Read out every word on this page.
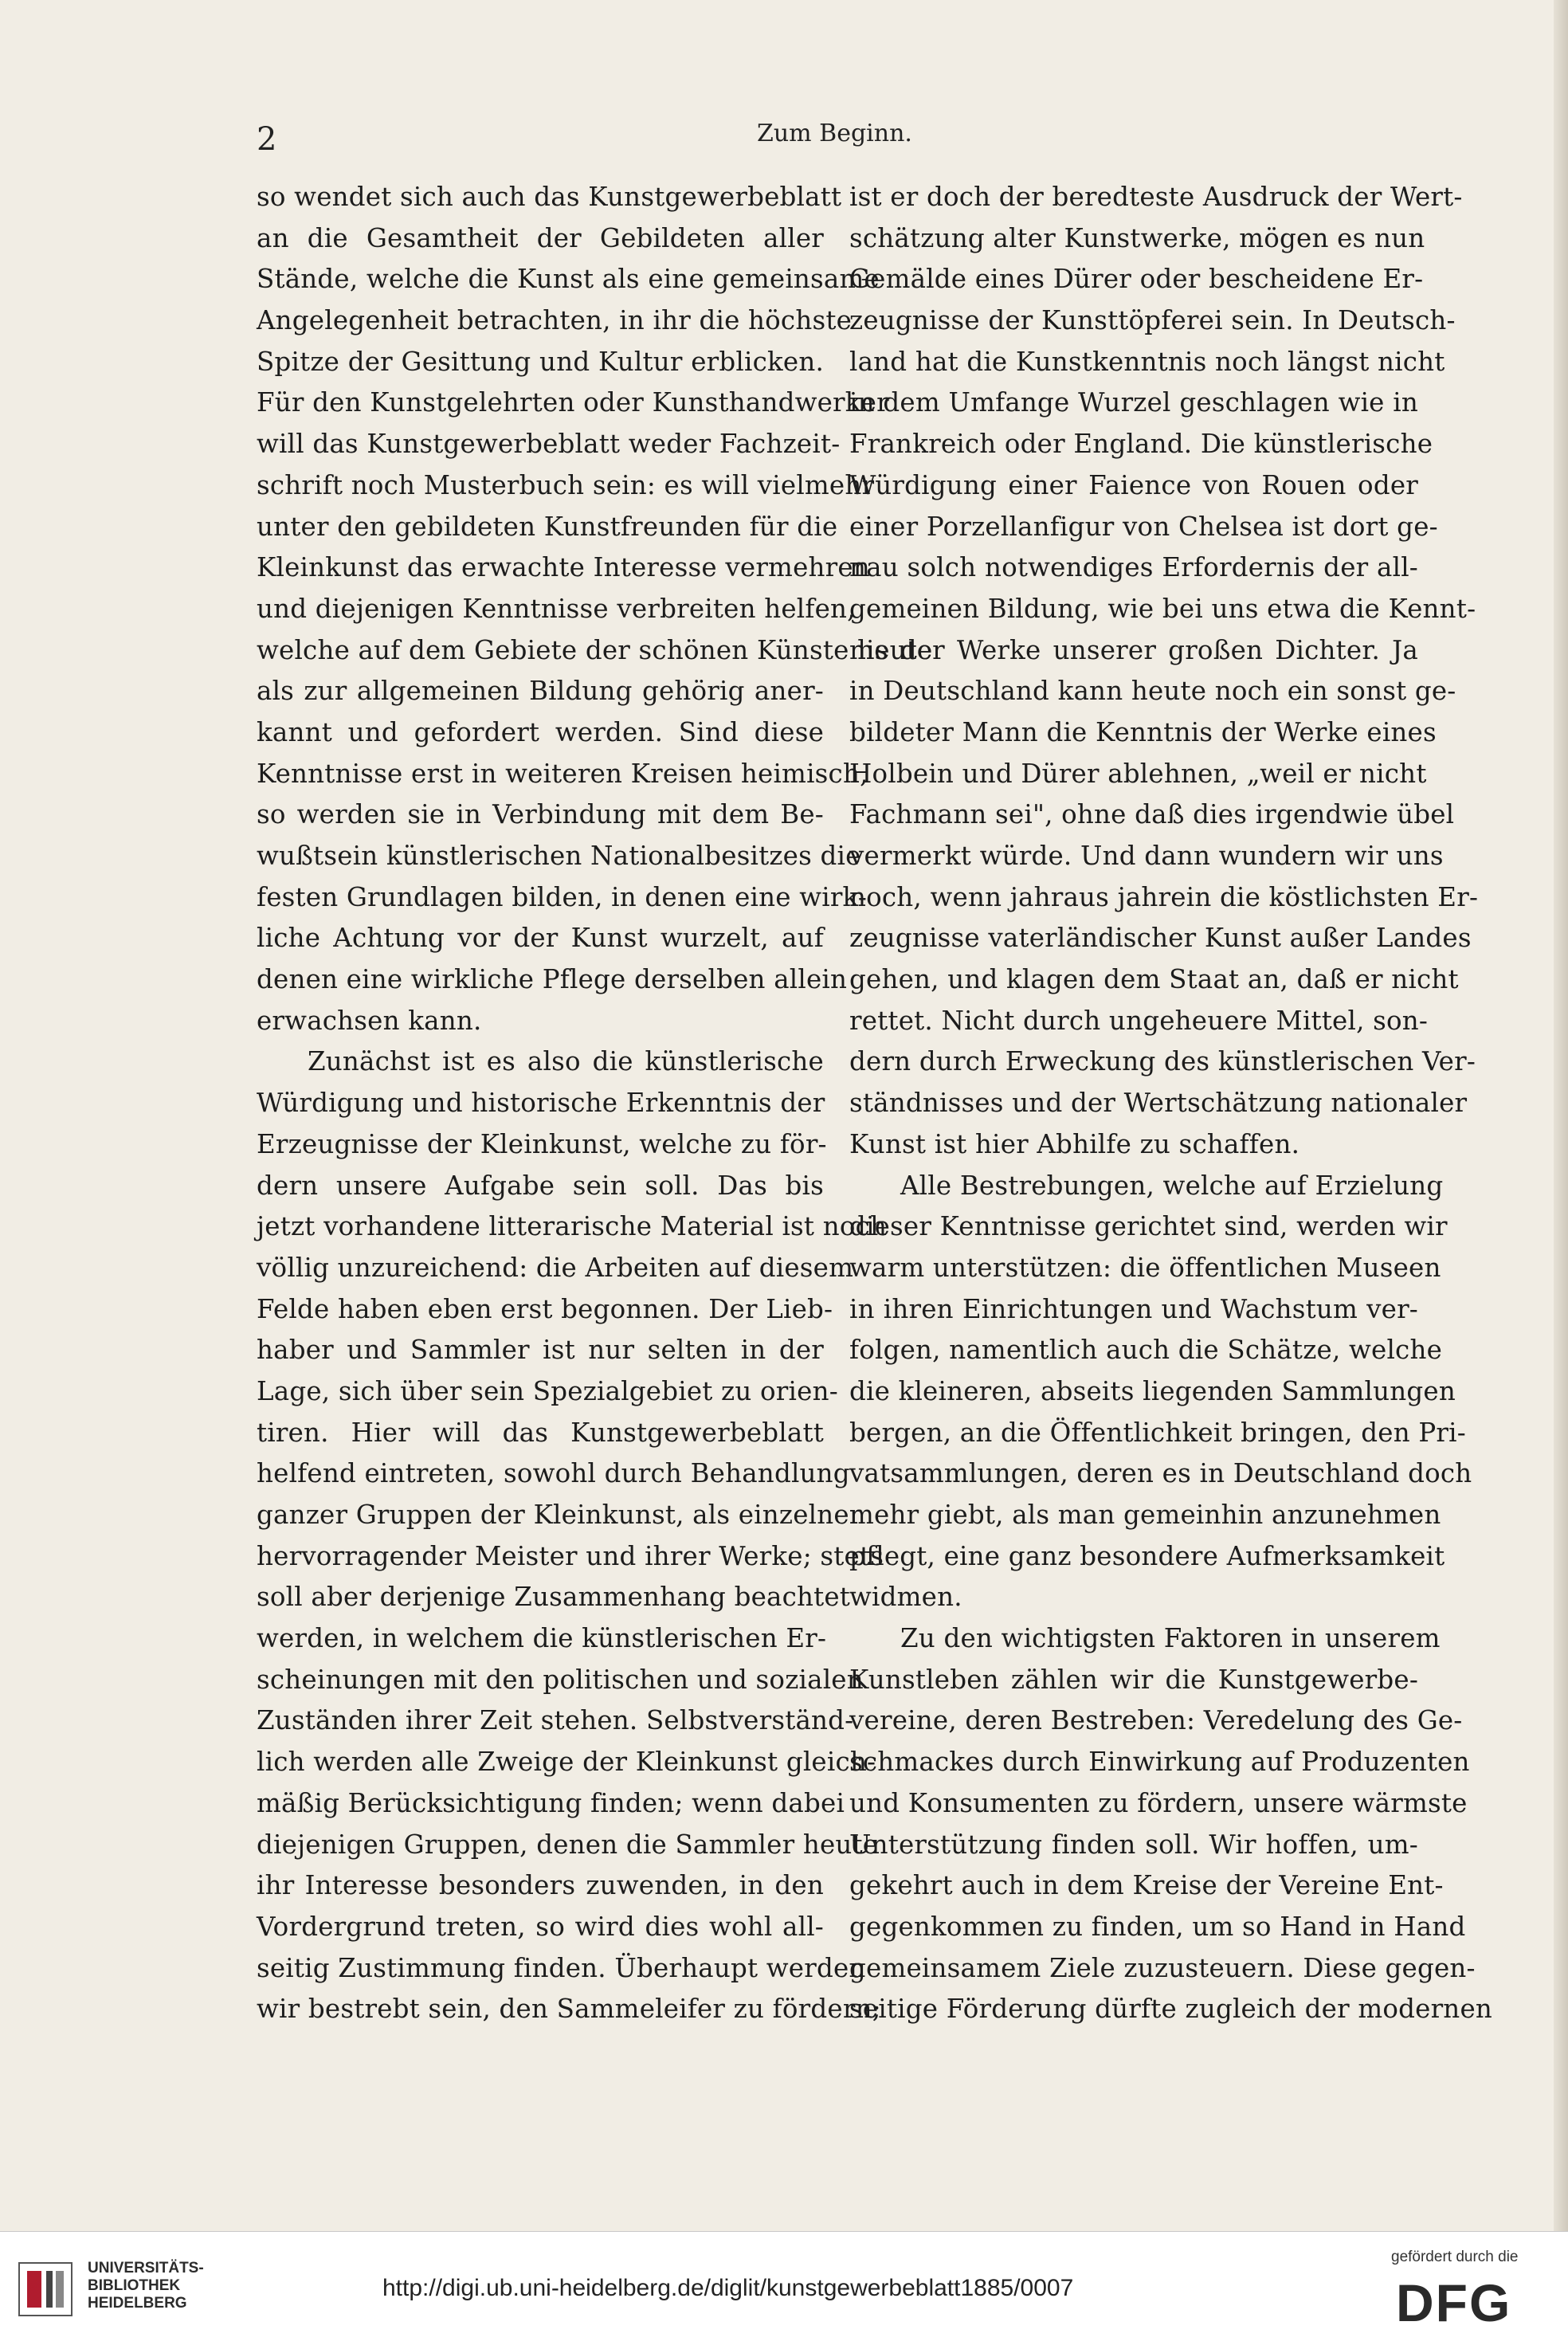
2	Zum Beginn.
so wendet sich auch das Kunstgewerbeblatt
an die Gesamtheit der Gebildeten aller
Stände, welche die Kunst als eine gemeinsame
Angelegenheit betrachten, in ihr die höchste
Spitze der Gesittung und Kultur erblicken.
Für den Kunstgelehrten oder Kunsthandwerker
will das Kunstgewerbeblatt weder Fachzeit-
schrift noch Musterbuch sein: es will vielmehr
unter den gebildeten Kunstfreunden für die
Kleinkunst das erwachte Interesse vermehren
und diejenigen Kenntnisse verbreiten helfen,
welche auf dem Gebiete der schönen Künste heute
als zur allgemeinen Bildung gehörig aner-
kannt und gefordert werden. Sind diese
Kenntnisse erst in weiteren Kreisen heimisch,
so werden sie in Verbindung mit dem Be-
wußtsein künstlerischen Nationalbesitzes die
festen Grundlagen bilden, in denen eine wirk-
liche Achtung vor der Kunst wurzelt, auf
denen eine wirkliche Pflege derselben allein
erwachsen kann.
Zunächst ist es also die künstlerische
Würdigung und historische Erkenntnis der
Erzeugnisse der Kleinkunst, welche zu för-
dern unsere Aufgabe sein soll. Das bis
jetzt vorhandene litterarische Material ist noch
völlig unzureichend: die Arbeiten auf diesem
Felde haben eben erst begonnen. Der Lieb-
haber und Sammler ist nur selten in der
Lage, sich über sein Spezialgebiet zu orien-
tiren. Hier will das Kunstgewerbeblatt
helfend eintreten, sowohl durch Behandlung
ganzer Gruppen der Kleinkunst, als einzelner
hervorragender Meister und ihrer Werke; stets
soll aber derjenige Zusammenhang beachtet
werden, in welchem die künstlerischen Er-
scheinungen mit den politischen und sozialen
Zuständen ihrer Zeit stehen. Selbstverständ-
lich werden alle Zweige der Kleinkunst gleich-
mäßig Berücksichtigung finden; wenn dabei
diejenigen Gruppen, denen die Sammler heute
ihr Interesse besonders zuwenden, in den
Vordergrund treten, so wird dies wohl all-
seitig Zustimmung finden. Überhaupt werden
wir bestrebt sein, den Sammeleifer zu fördern;
ist er doch der beredteste Ausdruck der Wert-
schätzung alter Kunstwerke, mögen es nun
Gemälde eines Dürer oder bescheidene Er-
zeugnisse der Kunsttöpferei sein. In Deutsch-
land hat die Kunstkenntnis noch längst nicht
in dem Umfange Wurzel geschlagen wie in
Frankreich oder England. Die künstlerische
Würdigung einer Faience von Rouen oder
einer Porzellanfigur von Chelsea ist dort ge-
nau solch notwendiges Erfordernis der all-
gemeinen Bildung, wie bei uns etwa die Kennt-
nis der Werke unserer großen Dichter. Ja
in Deutschland kann heute noch ein sonst ge-
bildeter Mann die Kenntnis der Werke eines
Holbein und Dürer ablehnen, „weil er nicht
Fachmann sei", ohne daß dies irgendwie übel
vermerkt würde. Und dann wundern wir uns
noch, wenn jahraus jahrein die köstlichsten Er-
zeugnisse vaterländischer Kunst außer Landes
gehen, und klagen dem Staat an, daß er nicht
rettet. Nicht durch ungeheuere Mittel, son-
dern durch Erweckung des künstlerischen Ver-
ständnisses und der Wertschätzung nationaler
Kunst ist hier Abhilfe zu schaffen.
Alle Bestrebungen, welche auf Erzielung
dieser Kenntnisse gerichtet sind, werden wir
warm unterstützen: die öffentlichen Museen
in ihren Einrichtungen und Wachstum ver-
folgen, namentlich auch die Schätze, welche
die kleineren, abseits liegenden Sammlungen
bergen, an die Öffentlichkeit bringen, den Pri-
vatsammlungen, deren es in Deutschland doch
mehr giebt, als man gemeinhin anzunehmen
pflegt, eine ganz besondere Aufmerksamkeit
widmen.
Zu den wichtigsten Faktoren in unserem
Kunstleben zählen wir die Kunstgewerbe-
vereine, deren Bestreben: Veredelung des Ge-
schmackes durch Einwirkung auf Produzenten
und Konsumenten zu fördern, unsere wärmste
Unterstützung finden soll. Wir hoffen, um-
gekehrt auch in dem Kreise der Vereine Ent-
gegenkommen zu finden, um so Hand in Hand
gemeinsamem Ziele zuzusteuern. Diese gegen-
seitige Förderung dürfte zugleich der modernen
UNIVERSITÄTS-
BIBLIOTHEK
HEIDELBERG
http://digi.ub.uni-heidelberg.de/diglit/kunstgewerbeblatt1885/0007
gefördert durch die
DFG
